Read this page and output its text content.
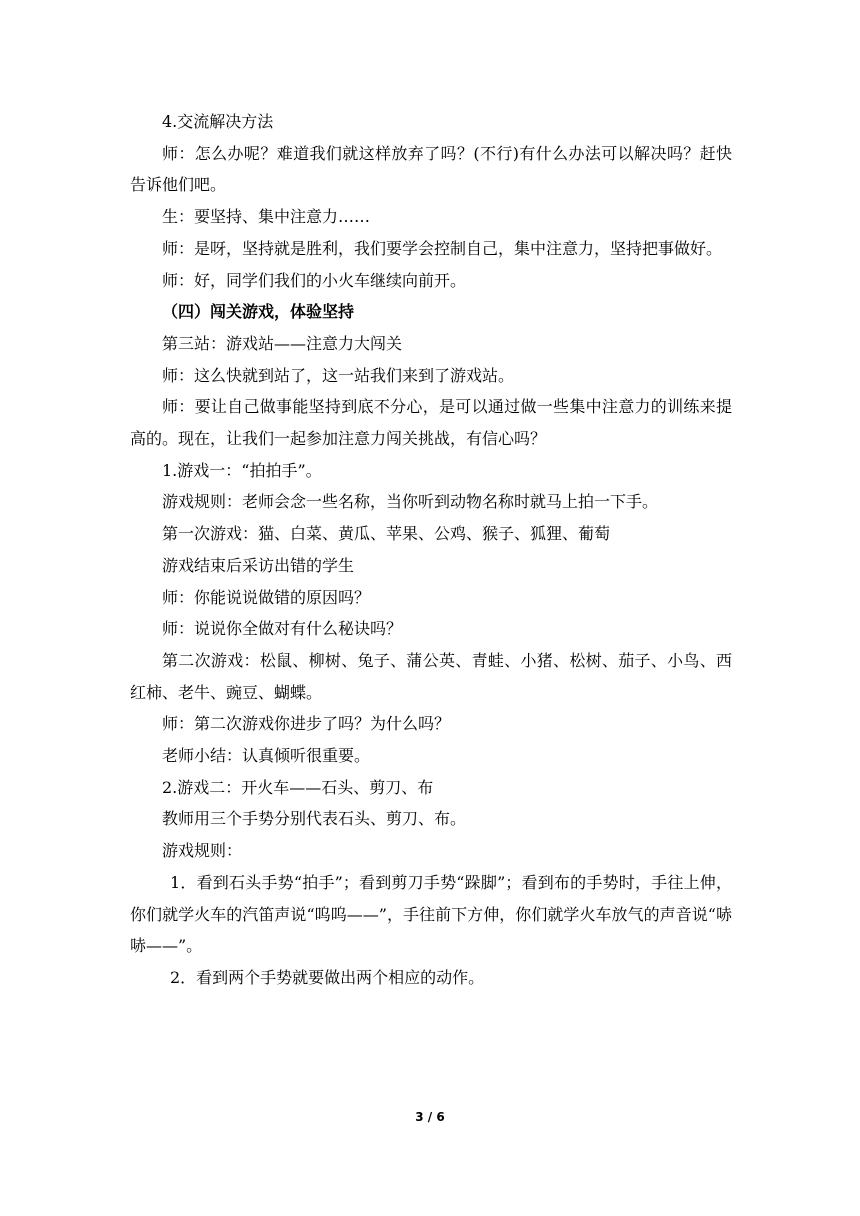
4.交流解决方法

师：怎么办呢？难道我们就这样放弃了吗？(不行)有什么办法可以解决吗？赶快告诉他们吧。

生：要坚持、集中注意力……

师：是呀，坚持就是胜利，我们要学会控制自己，集中注意力，坚持把事做好。

师：好，同学们我们的小火车继续向前开。

（四）闯关游戏，体验坚持

第三站：游戏站——注意力大闯关

师：这么快就到站了，这一站我们来到了游戏站。

师：要让自己做事能坚持到底不分心，是可以通过做一些集中注意力的训练来提高的。现在，让我们一起参加注意力闯关挑战，有信心吗？

1.游戏一：“拍拍手”。

游戏规则：老师会念一些名称，当你听到动物名称时就马上拍一下手。

第一次游戏：猫、白菜、黄瓜、苹果、公鸡、猴子、狐狸、葡萄

游戏结束后采访出错的学生

师：你能说说做错的原因吗？

师：说说你全做对有什么秘诀吗？

第二次游戏：松鼠、柳树、兔子、蒲公英、青蛙、小猪、松树、茄子、小鸟、西红柿、老牛、豌豆、蝴蝶。

师：第二次游戏你进步了吗？为什么吗？

老师小结：认真倾听很重要。

2.游戏二：开火车——石头、剪刀、布

教师用三个手势分别代表石头、剪刀、布。

游戏规则：

1．看到石头手势“拍手”；看到剪刀手势“跺脚”；看到布的手势时，手往上伸，你们就学火车的汽笛声说“呜呜——”，手往前下方伸，你们就学火车放气的声音说“哧哧——”。

2．看到两个手势就要做出两个相应的动作。

3 / 6
